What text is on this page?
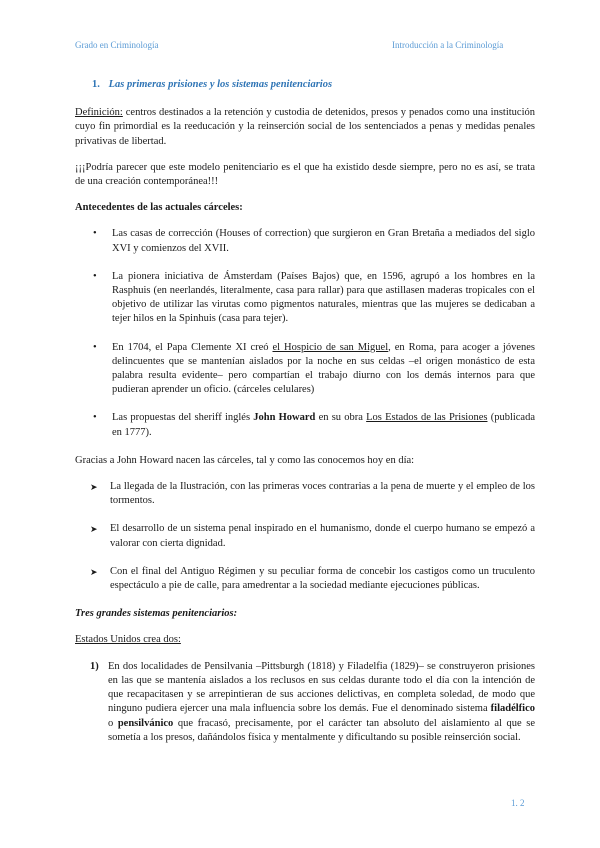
Grado en Criminología	Introducción a la Criminología
1. Las primeras prisiones y los sistemas penitenciarios

Definición: centros destinados a la retención y custodia de detenidos, presos y penados como una institución cuyo fin primordial es la reeducación y la reinserción social de los sentenciados a penas y medidas penales privativas de libertad.

¡¡¡Podría parecer que este modelo penitenciario es el que ha existido desde siempre, pero no es así, se trata de una creación contemporánea!!!

Antecedentes de las actuales cárceles:
• Las casas de corrección (Houses of correction) que surgieron en Gran Bretaña a mediados del siglo XVI y comienzos del XVII.
• La pionera iniciativa de Ámsterdam (Países Bajos) que, en 1596, agrupó a los hombres en la Rasphuis (en neerlandés, literalmente, casa para rallar) para que astillasen maderas tropicales con el objetivo de utilizar las virutas como pigmentos naturales, mientras que las mujeres se dedicaban a tejer hilos en la Spinhuis (casa para tejer).
• En 1704, el Papa Clemente XI creó el Hospicio de san Miguel, en Roma, para acoger a jóvenes delincuentes que se mantenían aislados por la noche en sus celdas –el origen monástico de esta palabra resulta evidente– pero compartían el trabajo diurno con los demás internos para que pudieran aprender un oficio. (cárceles celulares)
• Las propuestas del sheriff inglés John Howard en su obra Los Estados de las Prisiones (publicada en 1777).

Gracias a John Howard nacen las cárceles, tal y como las conocemos hoy en día:

➤ La llegada de la Ilustración, con las primeras voces contrarias a la pena de muerte y el empleo de los tormentos.
➤ El desarrollo de un sistema penal inspirado en el humanismo, donde el cuerpo humano se empezó a valorar con cierta dignidad.
➤ Con el final del Antiguo Régimen y su peculiar forma de concebir los castigos como un truculento espectáculo a pie de calle, para amedrentar a la sociedad mediante ejecuciones públicas.
Tres grandes sistemas penitenciarios:

Estados Unidos crea dos:

1) En dos localidades de Pensilvania –Pittsburgh (1818) y Filadelfia (1829)– se construyeron prisiones en las que se mantenía aislados a los reclusos en sus celdas durante todo el día con la intención de que recapacitasen y se arrepintieran de sus acciones delictivas, en completa soledad, de modo que ninguno pudiera ejercer una mala influencia sobre los demás. Fue el denominado sistema filadélfico o pensilvánico que fracasó, precisamente, por el carácter tan absoluto del aislamiento al que se sometía a los presos, dañándolos física y mentalmente y dificultando su posible reinserción social.
1. 2
